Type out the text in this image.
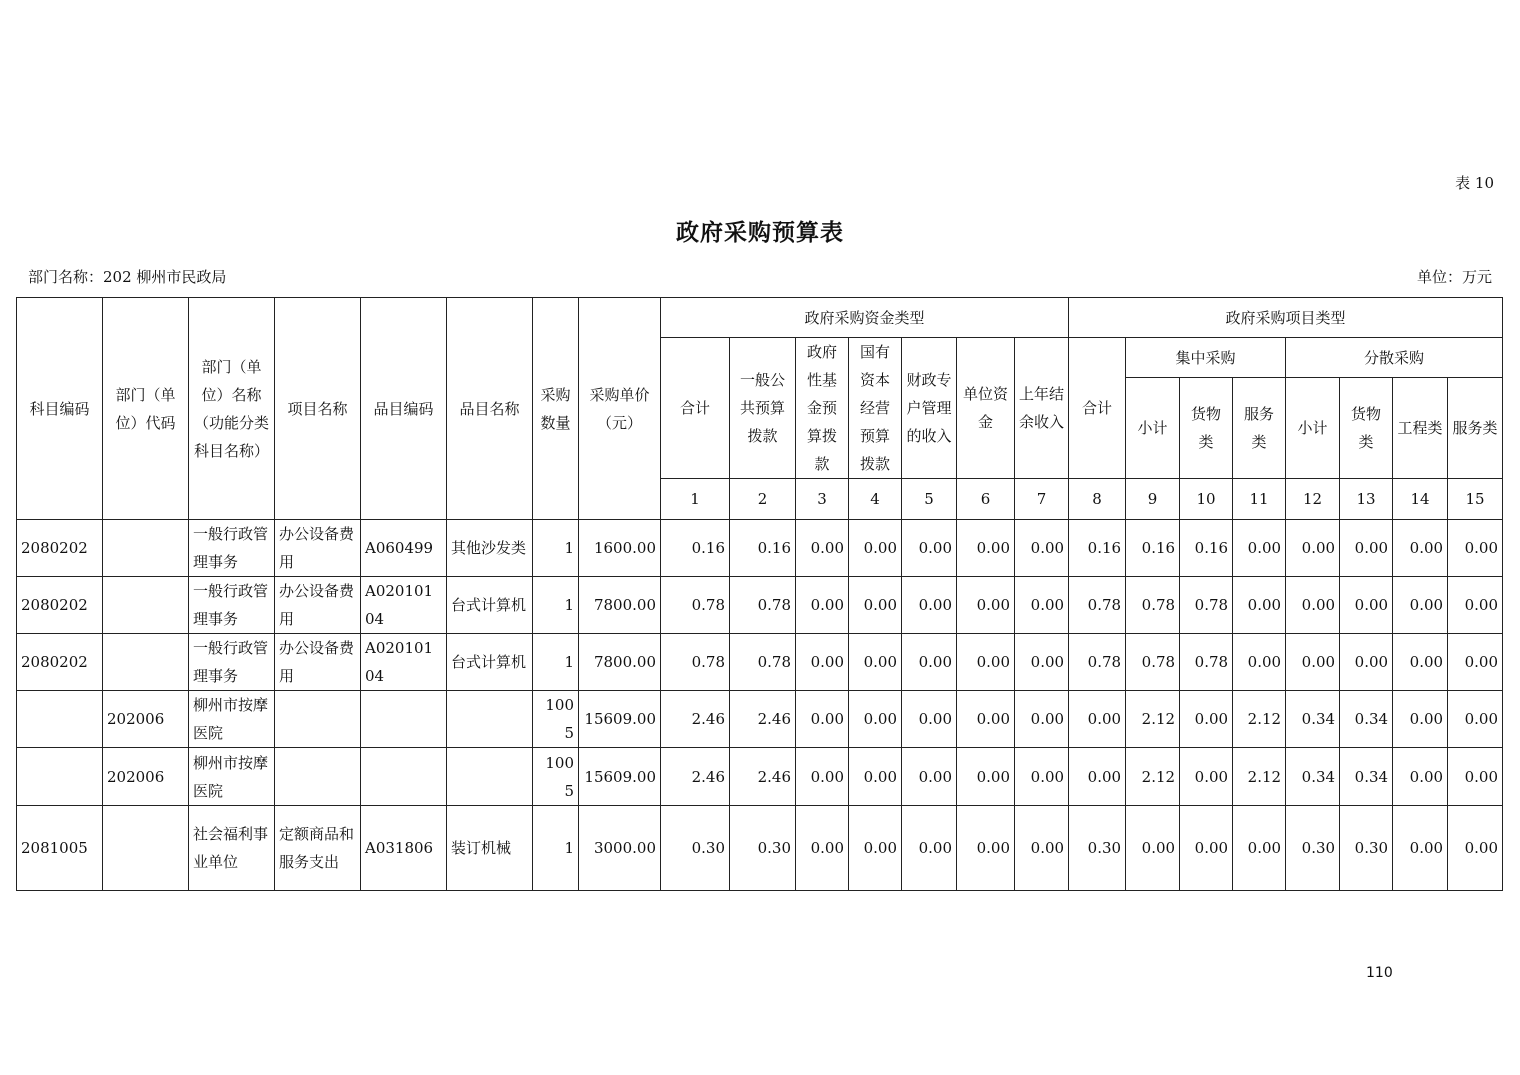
表 10
政府采购预算表
部门名称：202 柳州市民政局	单位：万元
科目编码	部门（单位）代码	部门（单位）名称（功能分类科目名称）	项目名称	品目编码	品目名称	采购数量	采购单价（元）	政府采购资金类型							政府采购项目类型							
								合计	一般公共预算拨款	政府性基金预算拨款	国有资本经营预算拨款	财政专户管理的收入	单位资金	上年结余收入	合计	集中采购			分散采购			
																小计	货物类	服务类	小计	货物类	工程类	服务类
								1	2	3	4	5	6	7	8	9	10	11	12	13	14	15
2080202		一般行政管理事务	办公设备费用	A060499	其他沙发类	1	1600.00	0.16	0.16	0.00	0.00	0.00	0.00	0.00	0.16	0.16	0.16	0.00	0.00	0.00	0.00	0.00
2080202		一般行政管理事务	办公设备费用	A02010104	台式计算机	1	7800.00	0.78	0.78	0.00	0.00	0.00	0.00	0.00	0.78	0.78	0.78	0.00	0.00	0.00	0.00	0.00
2080202		一般行政管理事务	办公设备费用	A02010104	台式计算机	1	7800.00	0.78	0.78	0.00	0.00	0.00	0.00	0.00	0.78	0.78	0.78	0.00	0.00	0.00	0.00	0.00
	202006	柳州市按摩医院				1005	15609.00	2.46	2.46	0.00	0.00	0.00	0.00	0.00	0.00	2.12	0.00	2.12	0.34	0.34	0.00	0.00
	202006	柳州市按摩医院				1005	15609.00	2.46	2.46	0.00	0.00	0.00	0.00	0.00	0.00	2.12	0.00	2.12	0.34	0.34	0.00	0.00
2081005		社会福利事业单位	定额商品和服务支出	A031806	装订机械	1	3000.00	0.30	0.30	0.00	0.00	0.00	0.00	0.00	0.30	0.00	0.00	0.00	0.30	0.30	0.00	0.00
110
